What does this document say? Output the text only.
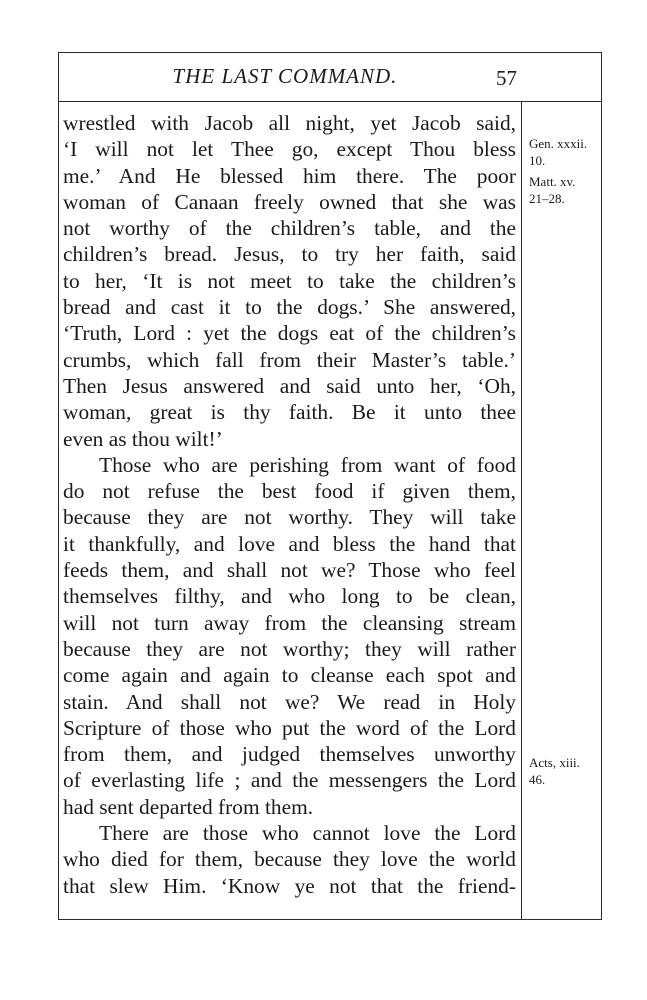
THE LAST COMMAND.	57
wrestled with Jacob all night, yet Jacob said,
‘I will not let Thee go, except Thou bless
me.’ And He blessed him there. The poor
woman of Canaan freely owned that she was
not worthy of the children’s table, and the
children’s bread. Jesus, to try her faith, said
to her, ‘It is not meet to take the children’s
bread and cast it to the dogs.’ She answered,
‘Truth, Lord : yet the dogs eat of the children’s
crumbs, which fall from their Master’s table.’
Then Jesus answered and said unto her, ‘Oh,
woman, great is thy faith. Be it unto thee
even as thou wilt!’
Those who are perishing from want of food
do not refuse the best food if given them,
because they are not worthy. They will take
it thankfully, and love and bless the hand that
feeds them, and shall not we? Those who feel
themselves filthy, and who long to be clean,
will not turn away from the cleansing stream
because they are not worthy; they will rather
come again and again to cleanse each spot and
stain. And shall not we? We read in Holy
Scripture of those who put the word of the Lord
from them, and judged themselves unworthy
of everlasting life ; and the messengers the Lord
had sent departed from them.
There are those who cannot love the Lord
who died for them, because they love the world
that slew Him. ‘Know ye not that the friend-
Gen. xxxii.
10.
Matt. xv.
21–28.
Acts, xiii.
46.
